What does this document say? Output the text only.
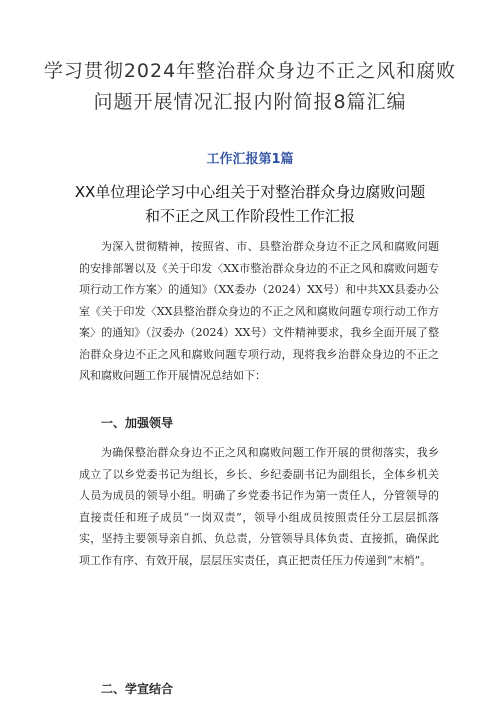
学习贯彻2024年整治群众身边不正之风和腐败问题开展情况汇报内附简报8篇汇编
工作汇报第1篇
XX单位理论学习中心组关于对整治群众身边腐败问题和不正之风工作阶段性工作汇报
为深入贯彻精神，按照省、市、县整治群众身边不正之风和腐败问题的安排部署以及《关于印发〈XX市整治群众身边的不正之风和腐败问题专项行动工作方案〉的通知》（XX委办（2024）XX号）和中共XX县委办公室《关于印发〈XX县整治群众身边的不正之风和腐败问题专项行动工作方案〉的通知》（汉委办（2024）XX号）文件精神要求，我乡全面开展了整治群众身边不正之风和腐败问题专项行动，现将我乡治群众身边的不正之风和腐败问题工作开展情况总结如下：
一、加强领导
为确保整治群众身边不正之风和腐败问题工作开展的贯彻落实，我乡成立了以乡党委书记为组长，乡长、乡纪委副书记为副组长，全体乡机关人员为成员的领导小组。明确了乡党委书记作为第一责任人，分管领导的直接责任和班子成员“一岗双责”，领导小组成员按照责任分工层层抓落实，坚持主要领导亲自抓、负总责，分管领导具体负责、直接抓，确保此项工作有序、有效开展，层层压实责任，真正把责任压力传递到“末梢”。
二、学宣结合
